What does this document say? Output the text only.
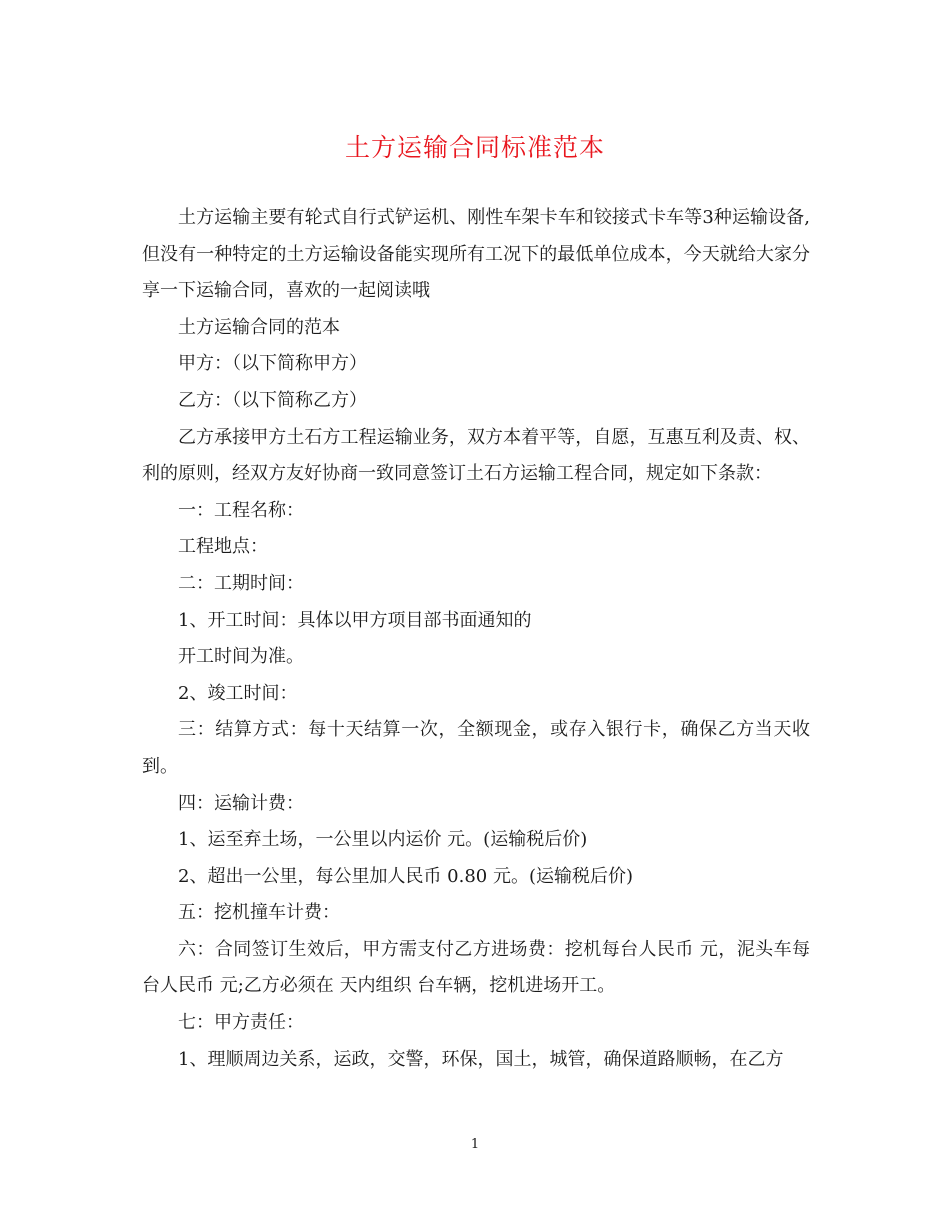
土方运输合同标准范本

土方运输主要有轮式自行式铲运机、刚性车架卡车和铰接式卡车等3种运输设备,但没有一种特定的土方运输设备能实现所有工况下的最低单位成本，今天就给大家分享一下运输合同，喜欢的一起阅读哦

土方运输合同的范本

甲方：（以下简称甲方）

乙方：（以下简称乙方）

乙方承接甲方土石方工程运输业务，双方本着平等，自愿，互惠互利及责、权、利的原则，经双方友好协商一致同意签订土石方运输工程合同，规定如下条款：

一：工程名称：

工程地点：

二：工期时间：

1、开工时间：具体以甲方项目部书面通知的

开工时间为准。

2、竣工时间：

三：结算方式：每十天结算一次，全额现金，或存入银行卡，确保乙方当天收到。

四：运输计费：

1、运至弃土场，一公里以内运价 元。(运输税后价)

2、超出一公里，每公里加人民币 0.80 元。(运输税后价)

五：挖机撞车计费：

六：合同签订生效后，甲方需支付乙方进场费：挖机每台人民币 元，泥头车每台人民币 元;乙方必须在 天内组织 台车辆，挖机进场开工。

七：甲方责任：

1、理顺周边关系，运政，交警，环保，国土，城管，确保道路顺畅，在乙方

1
